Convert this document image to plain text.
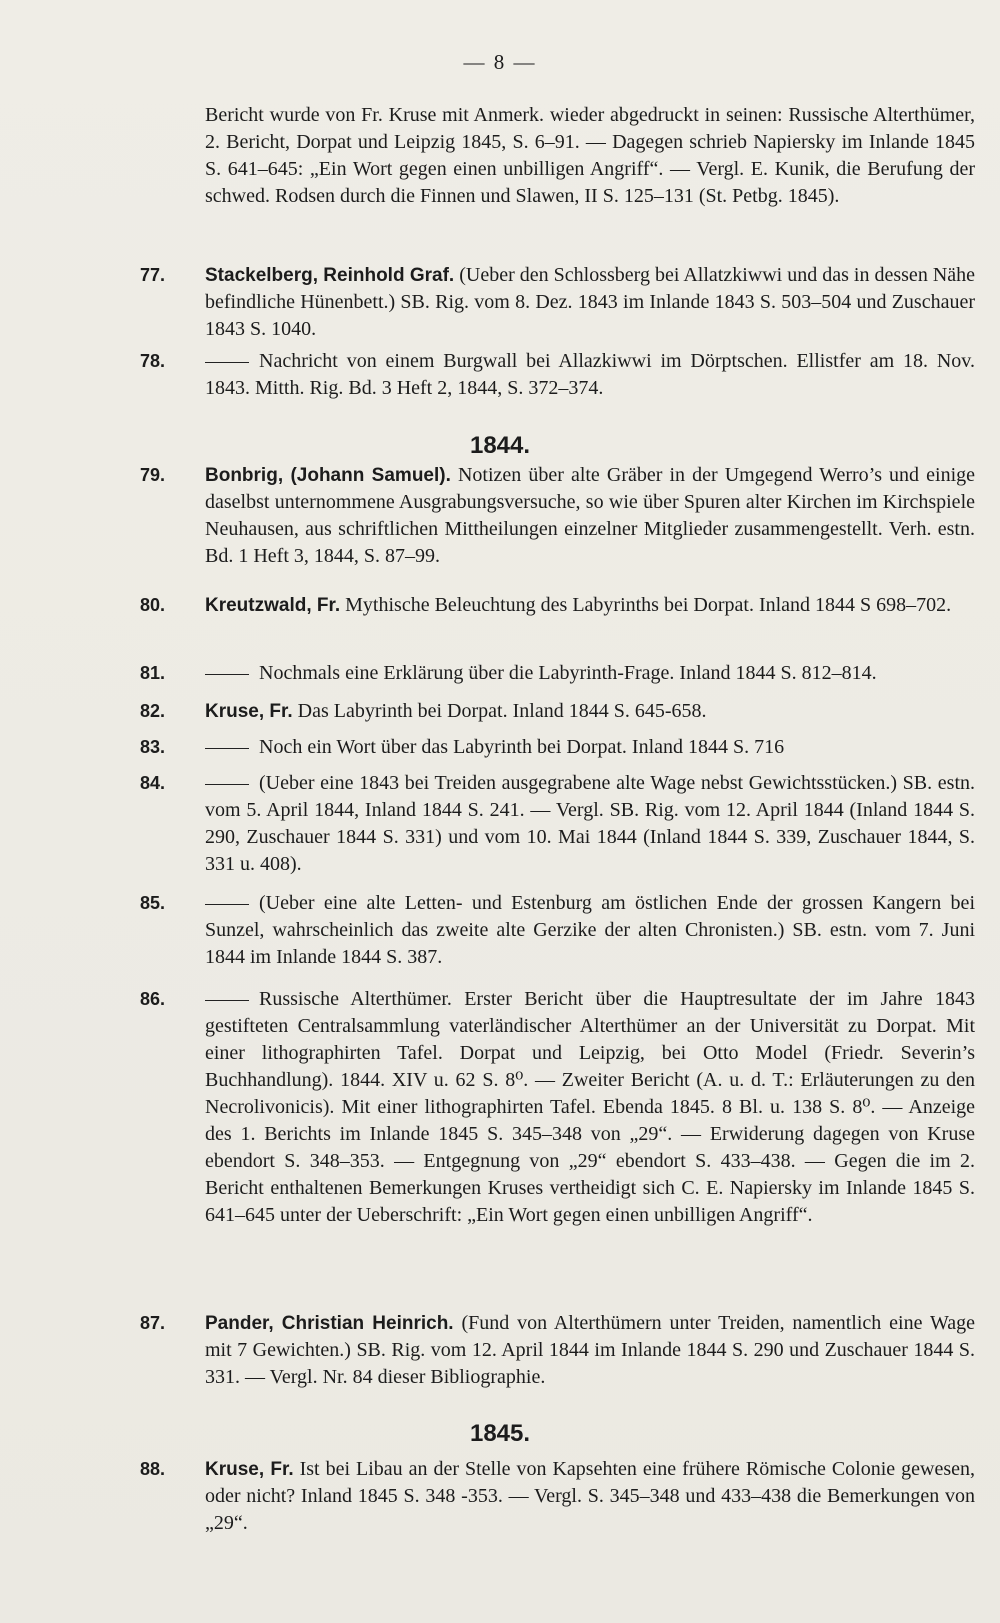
— 8 —
Bericht wurde von Fr. Kruse mit Anmerk. wieder abgedruckt in seinen: Russische Alterthümer, 2. Bericht, Dorpat und Leipzig 1845, S. 6–91. — Dagegen schrieb Napiersky im Inlande 1845 S. 641–645: „Ein Wort gegen einen unbilligen Angriff“. — Vergl. E. Kunik, die Berufung der schwed. Rodsen durch die Finnen und Slawen, II S. 125–131 (St. Petbg. 1845).
77.	Stackelberg, Reinhold Graf. (Ueber den Schlossberg bei Allatzkiwwi und das in dessen Nähe befindliche Hünenbett.) SB. Rig. vom 8. Dez. 1843 im Inlande 1843 S. 503–504 und Zuschauer 1843 S. 1040.
78.	Nachricht von einem Burgwall bei Allazkiwwi im Dörptschen. Ellistfer am 18. Nov. 1843. Mitth. Rig. Bd. 3 Heft 2, 1844, S. 372–374.
1844.
79.	Bonbrig, (Johann Samuel). Notizen über alte Gräber in der Umgegend Werro’s und einige daselbst unternommene Ausgrabungsversuche, so wie über Spuren alter Kirchen im Kirchspiele Neuhausen, aus schriftlichen Mittheilungen einzelner Mitglieder zusammengestellt. Verh. estn. Bd. 1 Heft 3, 1844, S. 87–99.
80.	Kreutzwald, Fr. Mythische Beleuchtung des Labyrinths bei Dorpat. Inland 1844 S 698–702.
81.	Nochmals eine Erklärung über die Labyrinth-Frage. Inland 1844 S. 812–814.
82.	Kruse, Fr. Das Labyrinth bei Dorpat. Inland 1844 S. 645-658.
83.	Noch ein Wort über das Labyrinth bei Dorpat. Inland 1844 S. 716
84.	(Ueber eine 1843 bei Treiden ausgegrabene alte Wage nebst Gewichtsstücken.) SB. estn. vom 5. April 1844, Inland 1844 S. 241. — Vergl. SB. Rig. vom 12. April 1844 (Inland 1844 S. 290, Zuschauer 1844 S. 331) und vom 10. Mai 1844 (Inland 1844 S. 339, Zuschauer 1844, S. 331 u. 408).
85.	(Ueber eine alte Letten- und Estenburg am östlichen Ende der grossen Kangern bei Sunzel, wahrscheinlich das zweite alte Gerzike der alten Chronisten.) SB. estn. vom 7. Juni 1844 im Inlande 1844 S. 387.
86.	Russische Alterthümer. Erster Bericht über die Hauptresultate der im Jahre 1843 gestifteten Centralsammlung vaterländischer Alterthümer an der Universität zu Dorpat. Mit einer lithographirten Tafel. Dorpat und Leipzig, bei Otto Model (Friedr. Severin’s Buchhandlung). 1844. XIV u. 62 S. 8⁰. — Zweiter Bericht (A. u. d. T.: Erläuterungen zu den Necrolivonicis). Mit einer lithographirten Tafel. Ebenda 1845. 8 Bl. u. 138 S. 8⁰. — Anzeige des 1. Berichts im Inlande 1845 S. 345–348 von „29“. — Erwiderung dagegen von Kruse ebendort S. 348–353. — Entgegnung von „29“ ebendort S. 433–438. — Gegen die im 2. Bericht enthaltenen Bemerkungen Kruses vertheidigt sich C. E. Napiersky im Inlande 1845 S. 641–645 unter der Ueberschrift: „Ein Wort gegen einen unbilligen Angriff“.
87.	Pander, Christian Heinrich. (Fund von Alterthümern unter Treiden, namentlich eine Wage mit 7 Gewichten.) SB. Rig. vom 12. April 1844 im Inlande 1844 S. 290 und Zuschauer 1844 S. 331. — Vergl. Nr. 84 dieser Bibliographie.
1845.
88.	Kruse, Fr. Ist bei Libau an der Stelle von Kapsehten eine frühere Römische Colonie gewesen, oder nicht? Inland 1845 S. 348 -353. — Vergl. S. 345–348 und 433–438 die Bemerkungen von „29“.
